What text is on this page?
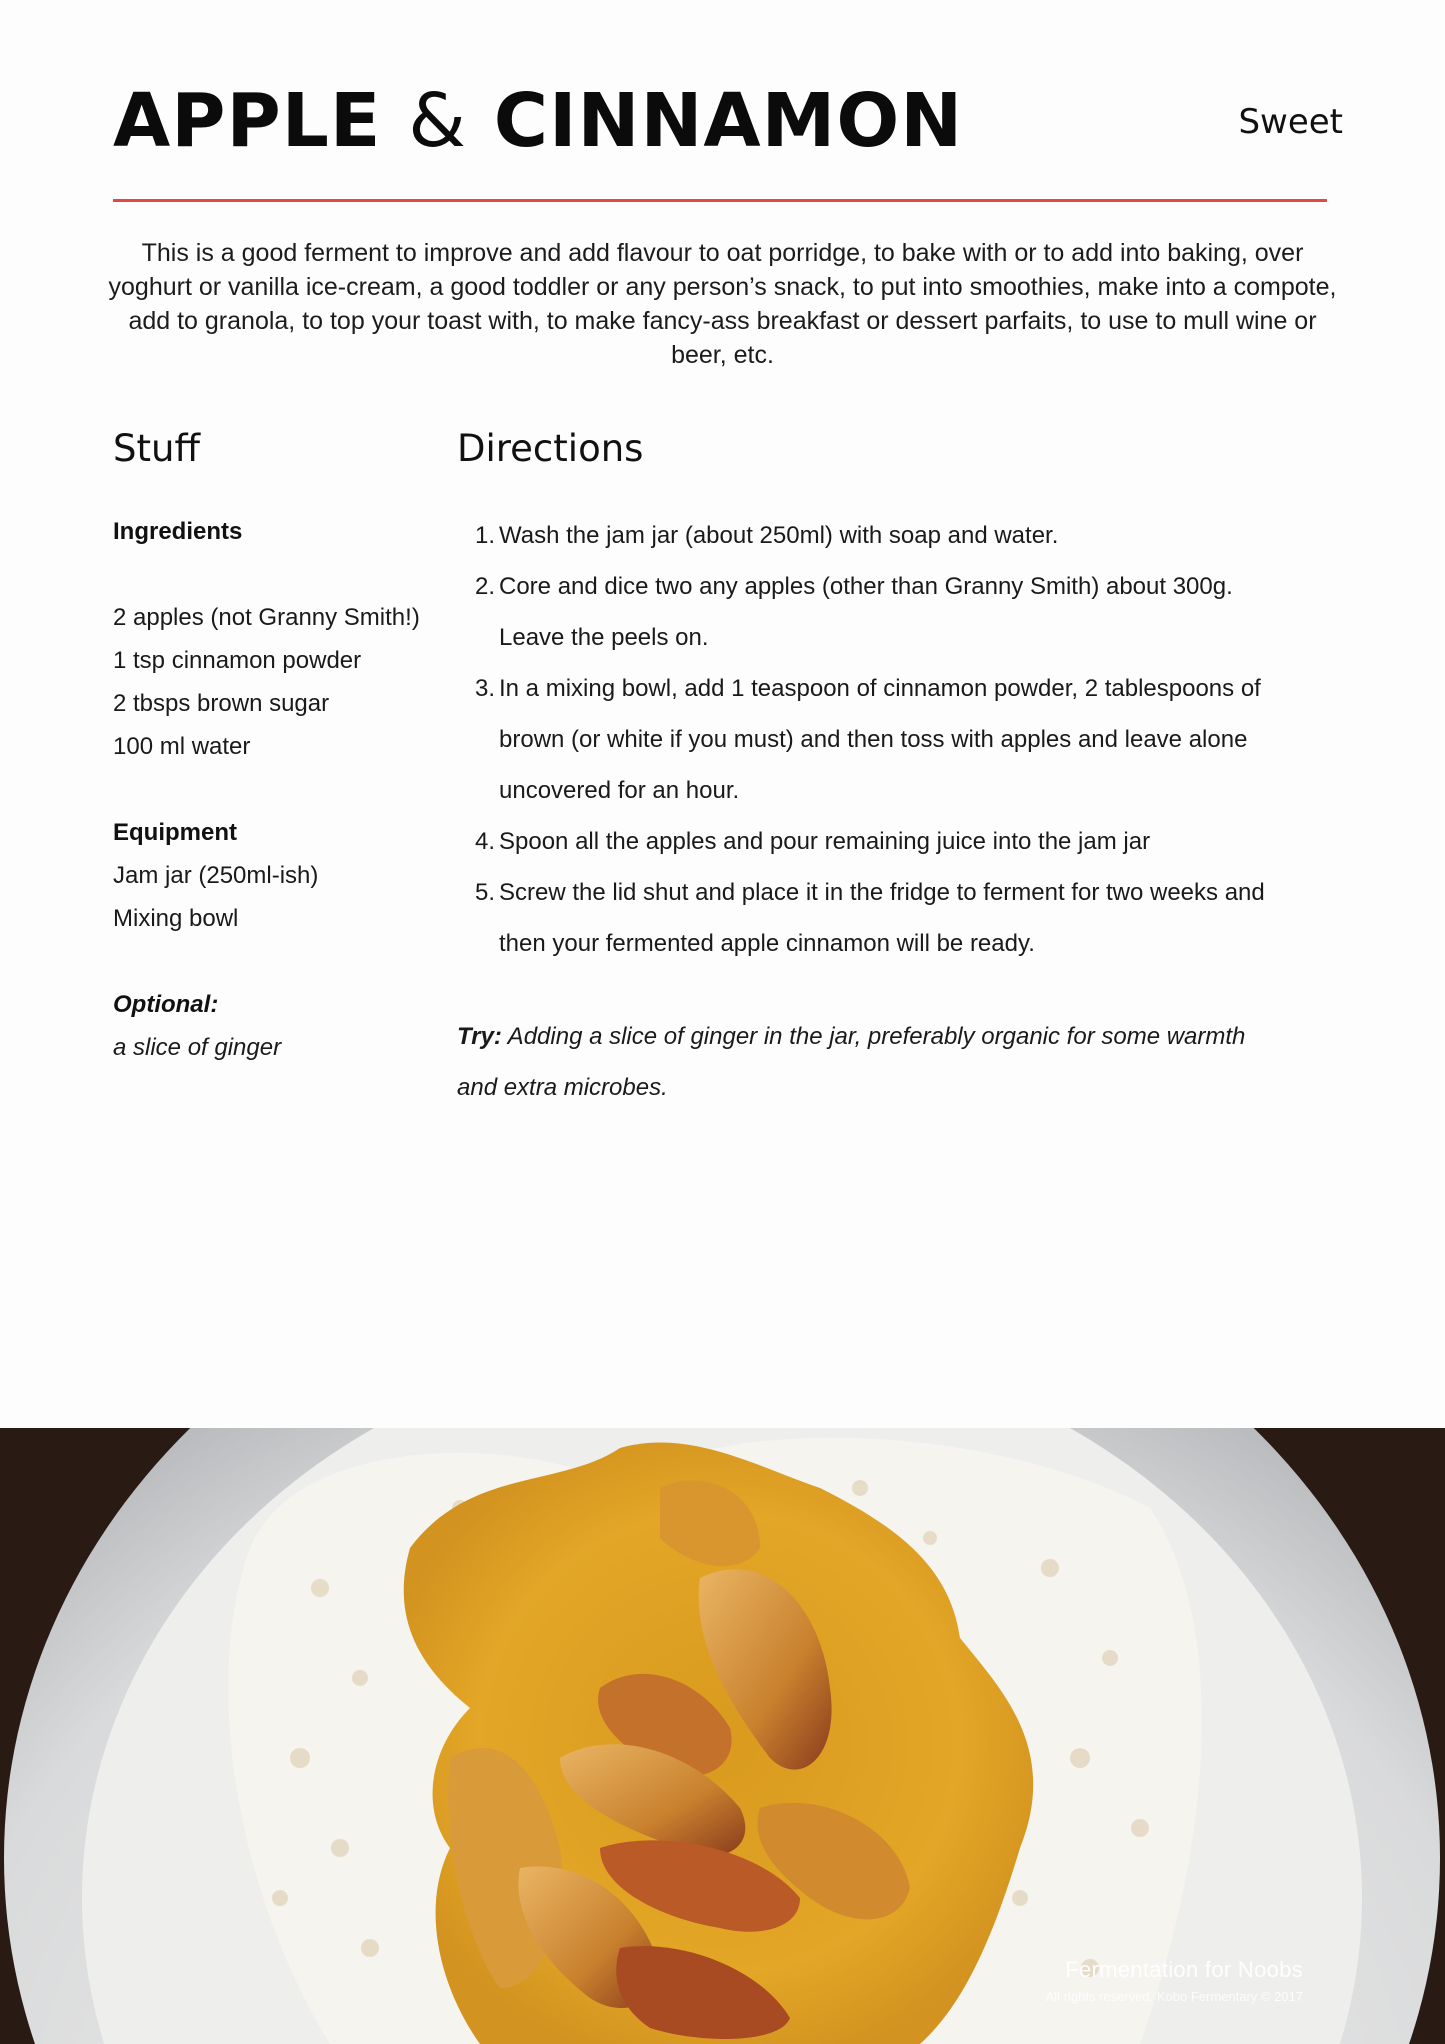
APPLE & CINNAMON	Sweet

This is a good ferment to improve and add flavour to oat porridge, to bake with or to add into baking, over yoghurt or vanilla ice-cream, a good toddler or any person’s snack, to put into smoothies, make into a compote, add to granola, to top your toast with, to make fancy-ass breakfast or dessert parfaits, to use to mull wine or beer, etc.

Stuff
Ingredients
2 apples (not Granny Smith!)
1 tsp cinnamon powder
2 tbsps brown sugar
100 ml water
Equipment
Jam jar (250ml-ish)
Mixing bowl
Optional:
a slice of ginger
Directions
1. Wash the jam jar (about 250ml) with soap and water.
2. Core and dice two any apples (other than Granny Smith) about 300g. Leave the peels on.
3. In a mixing bowl, add 1 teaspoon of cinnamon powder, 2 tablespoons of brown (or white if you must) and then toss with apples and leave alone uncovered for an hour.
4. Spoon all the apples and pour remaining juice into the jam jar
5. Screw the lid shut and place it in the fridge to ferment for two weeks and then your fermented apple cinnamon will be ready.

Try: Adding a slice of ginger in the jar, preferably organic for some warmth and extra microbes.

Fermentation for Noobs
All rights reserved. Kobo Fermentary © 2017
